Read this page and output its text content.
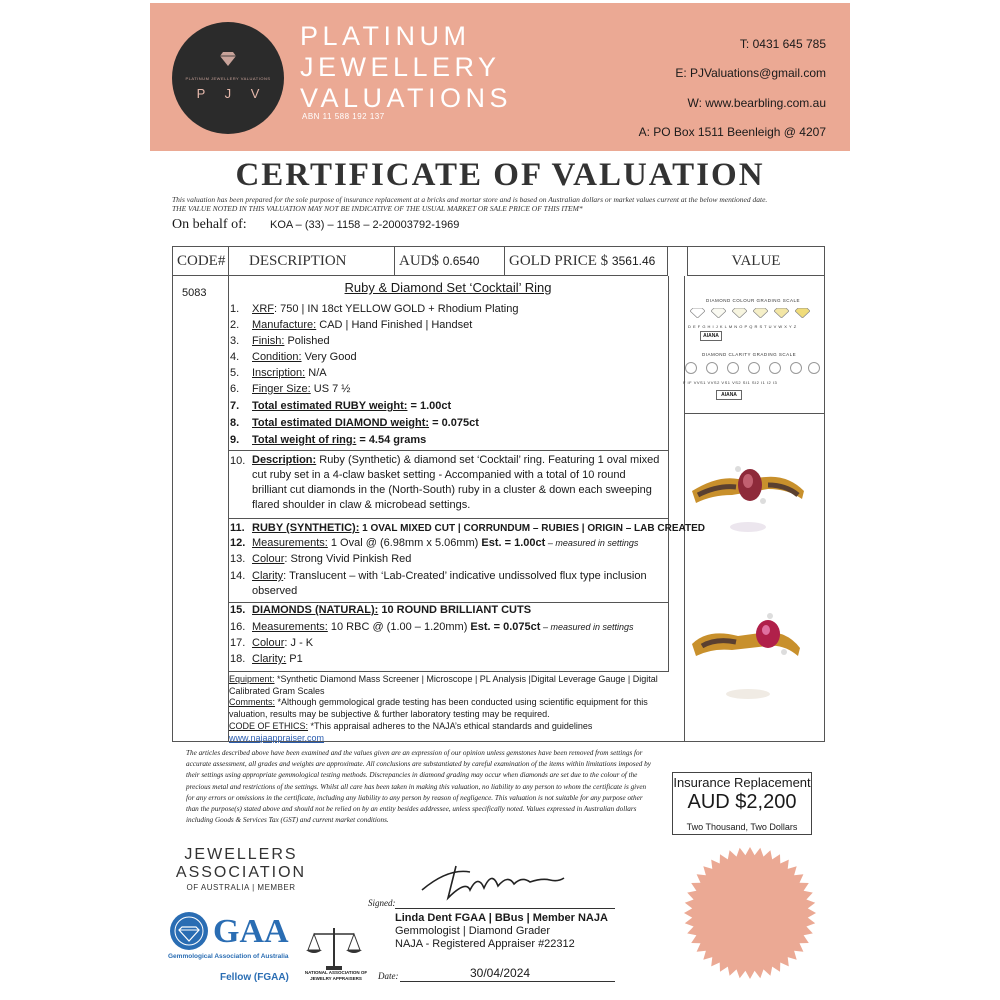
PLATINUM JEWELLERY VALUATIONS
P J V
PLATINUM
JEWELLERY
VALUATIONS
ABN 11 588 192 137
T: 0431 645 785
E: PJValuations@gmail.com
W: www.bearbling.com.au
A: PO Box 1511 Beenleigh @ 4207
CERTIFICATE OF VALUATION
This valuation has been prepared for the sole purpose of insurance replacement at a bricks and mortar store and is based on Australian dollars or market values current at the below mentioned date.
THE VALUE NOTED IN THIS VALUATION MAY NOT BE INDICATIVE OF THE USUAL MARKET OR SALE PRICE OF THIS ITEM*
On behalf of: KOA – (33) – 1158 – 2-20003792-1969
CODE#	DESCRIPTION	AUD$ 0.6540	GOLD PRICE $ 3561.46	VALUE
5083	Ruby & Diamond Set ‘Cocktail’ Ring
1. XRF: 750 | IN 18ct YELLOW GOLD + Rhodium Plating
2. Manufacture: CAD | Hand Finished | Handset
3. Finish: Polished
4. Condition: Very Good
5. Inscription: N/A
6. Finger Size: US 7 ½
7. Total estimated RUBY weight: = 1.00ct
8. Total estimated DIAMOND weight: = 0.075ct
9. Total weight of ring: = 4.54 grams
10. Description: Ruby (Synthetic) & diamond set ‘Cocktail’ ring. Featuring 1 oval mixed cut ruby set in a 4-claw basket setting - Accompanied with a total of 10 round brilliant cut diamonds in the (North-South) ruby in a cluster & down each sweeping flared shoulder in claw & microbead settings.
11. RUBY (SYNTHETIC): 1 OVAL MIXED CUT | CORRUNDUM – RUBIES | ORIGIN – LAB CREATED
12. Measurements: 1 Oval @ (6.98mm x 5.06mm) Est. = 1.00ct – measured in settings
13. Colour: Strong Vivid Pinkish Red
14. Clarity: Translucent – with ‘Lab-Created’ indicative undissolved flux type inclusion observed
15. DIAMONDS (NATURAL): 10 ROUND BRILLIANT CUTS
16. Measurements: 10 RBC @ (1.00 – 1.20mm) Est. = 0.075ct – measured in settings
17. Colour: J - K
18. Clarity: P1
Equipment: *Synthetic Diamond Mass Screener | Microscope | PL Analysis |Digital Leverage Gauge | Digital Calibrated Gram Scales
Comments: *Although gemmological grade testing has been conducted using scientific equipment for this valuation, results may be subjective & further laboratory testing may be required.
CODE OF ETHICS: *This appraisal adheres to the NAJA’s ethical standards and guidelines www.najaappraiser.com
DIAMOND COLOUR GRADING SCALE
D E F G H I J K L M N O P Q R S T U V W X Y Z
AIANA
DIAMOND CLARITY GRADING SCALE
F IF VVS1 VVS2 VS1 VS2 SI1 SI2 I1 I2 I3
AIANA
The articles described above have been examined and the values given are an expression of our opinion unless gemstones have been removed from settings for accurate assessment, all grades and weights are approximate. All conclusions are substantiated by careful examination of the items within limitations imposed by their settings using appropriate gemmological testing methods. Discrepancies in diamond grading may occur when diamonds are set due to the colour of the precious metal and restrictions of the settings. Whilst all care has been taken in making this valuation, no liability to any person to whom the certificate is given for any errors or omissions in the certificate, including any liability to any person by reason of negligence. This valuation is not suitable for any purpose other than the purpose(s) stated above and should not be relied on by an entity besides addressee, unless specifically noted. Values expressed in Australian dollars including Goods & Services Tax (GST) and current market conditions.
Insurance Replacement
AUD $2,200
Two Thousand, Two Dollars
JEWELLERS
ASSOCIATION
OF AUSTRALIA | MEMBER
GAA
Gemmological Association of Australia
Fellow (FGAA)	NATIONAL ASSOCIATION OF JEWELRY APPRAISERS
Signed:
Linda Dent FGAA | BBus | Member NAJA
Gemmologist | Diamond Grader
NAJA - Registered Appraiser #22312
Date:	30/04/2024
